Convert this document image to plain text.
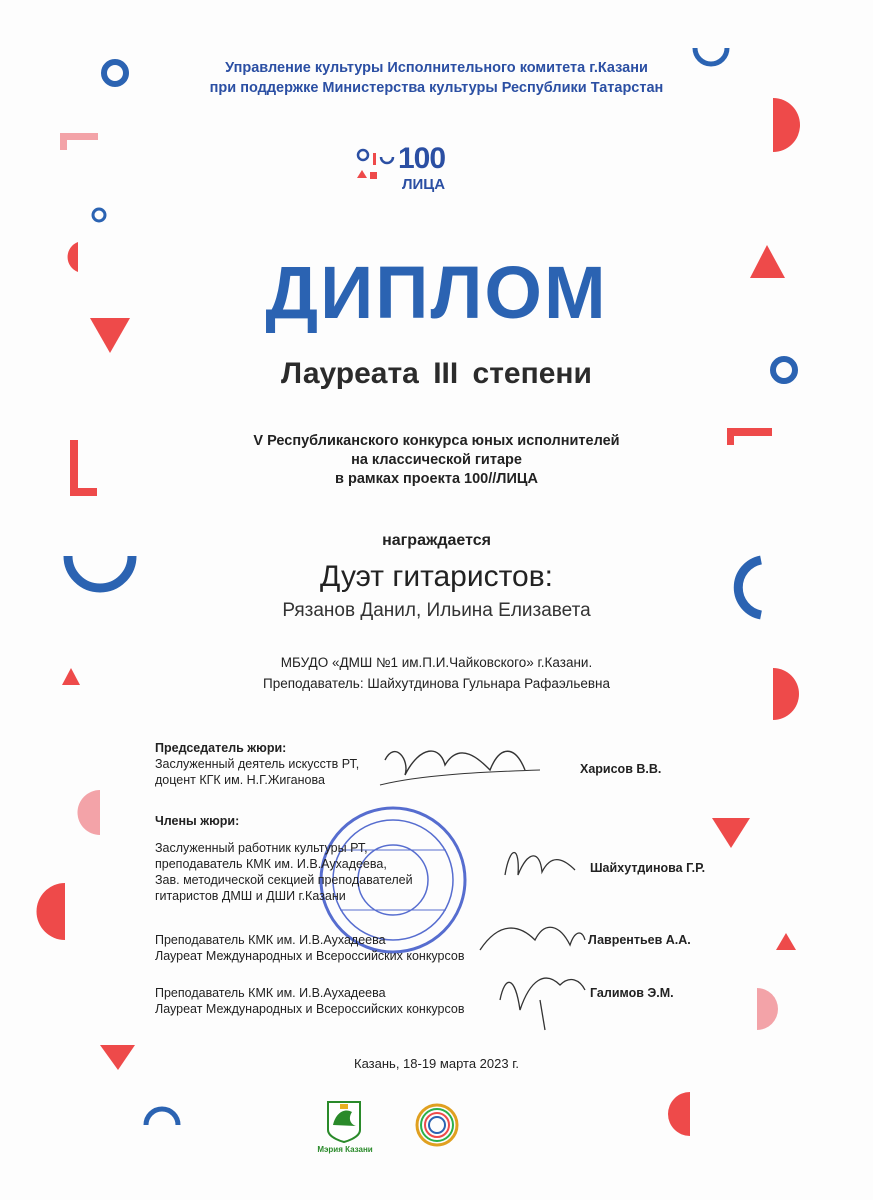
Управление культуры Исполнительного комитета г.Казани
при поддержке Министерства культуры Республики Татарстан
100
ЛИЦА
ДИПЛОМ
Лауреата III степени
V Республиканского конкурса юных исполнителей
на классической гитаре
в рамках проекта 100//ЛИЦА
награждается
Дуэт гитаристов:
Рязанов Данил, Ильина Елизавета
МБУДО «ДМШ №1 им.П.И.Чайковского» г.Казани.
Преподаватель: Шайхутдинова Гульнара Рафаэльевна
Председатель жюри:
Заслуженный деятель искусств РТ,
доцент КГК им. Н.Г.Жиганова
Харисов В.В.
Члены жюри:
Заслуженный работник культуры РТ,
преподаватель КМК им. И.В.Аухадеева,
Зав. методической секцией преподавателей
гитаристов ДМШ и ДШИ г.Казани
Шайхутдинова Г.Р.
Преподаватель КМК им. И.В.Аухадеева
Лауреат Международных и Всероссийских конкурсов
Лаврентьев А.А.
Преподаватель КМК им. И.В.Аухадеева
Лауреат Международных и Всероссийских конкурсов
Галимов Э.М.
Казань, 18-19 марта 2023 г.
Мэрия Казани
